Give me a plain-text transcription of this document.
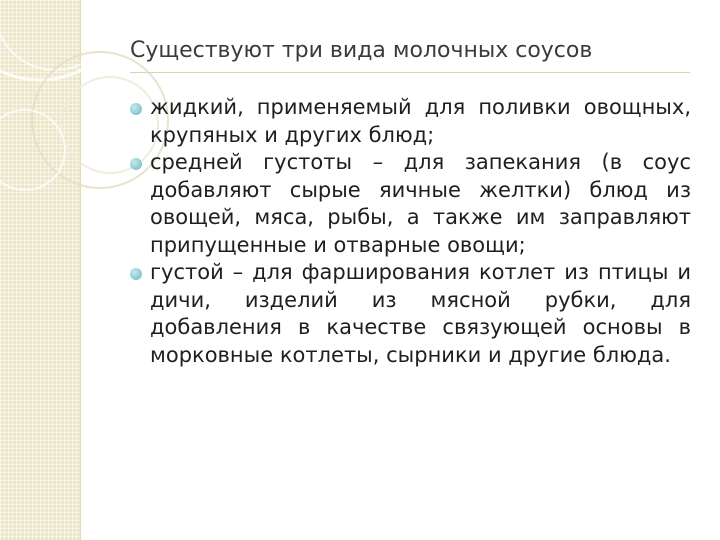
Существуют три вида молочных соусов
жидкий, применяемый для поливки овощных, крупяных и других блюд;
средней густоты – для запекания (в соус добавляют сырые яичные желтки) блюд из овощей, мяса, рыбы, а также им заправляют припущенные и отварные овощи;
густой – для фарширования котлет из птицы и дичи, изделий из мясной рубки, для добавления в качестве связующей основы в морковные котлеты, сырники и другие блюда.
